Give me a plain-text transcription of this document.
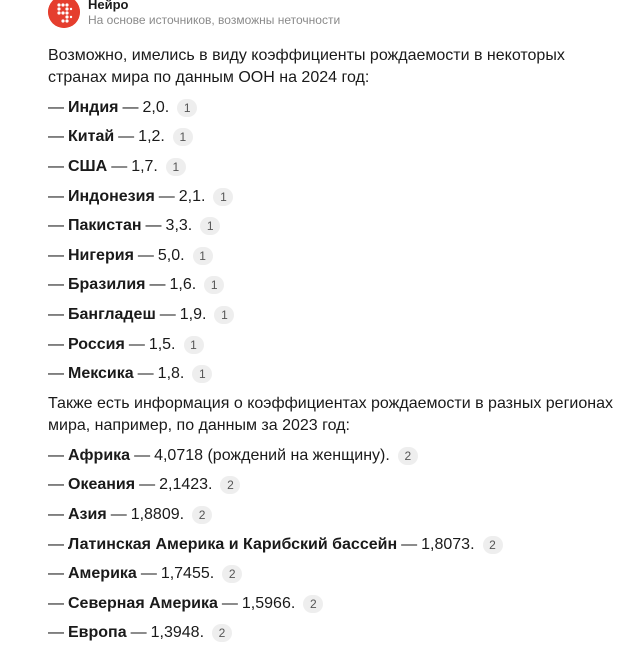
Нейро
На основе источников, возможны неточности

Возможно, имелись в виду коэффициенты рождаемости в некоторых странах мира по данным ООН на 2024 год:

— Индия — 2,0.	1
— Китай — 1,2.	1
— США — 1,7.	1
— Индонезия — 2,1.	1
— Пакистан — 3,3.	1
— Нигерия — 5,0.	1
— Бразилия — 1,6.	1
— Бангладеш — 1,9.	1
— Россия — 1,5.	1
— Мексика — 1,8.	1

Также есть информация о коэффициентах рождаемости в разных регионах мира, например, по данным за 2023 год:

— Африка — 4,0718 (рождений на женщину).	2
— Океания — 2,1423.	2
— Азия — 1,8809.	2
— Латинская Америка и Карибский бассейн — 1,8073.	2
— Америка — 1,7455.	2
— Северная Америка — 1,5966.	2
— Европа — 1,3948.	2
